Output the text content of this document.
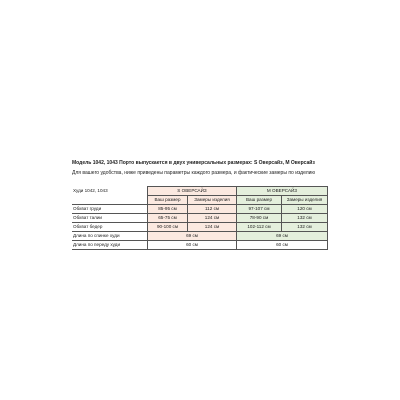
Модель 1042, 1043 Порто выпускается в двух универсальных размерах: S Оверсайз, М Оверсайз
Для вашего удобства, ниже приведены параметры каждого размера, и фактические замеры по изделию
Худи 1042, 1043	S ОВЕРСАЙЗ		М ОВЕРСАЙЗ	
	Ваш размер	Замеры изделия	Ваш размер	Замеры изделия
Обхват груди	85-95 см	112 см	97-107 см	120 см
Обхват талии	65-75 см	124 см	78-90 см	132 см
Обхват бедер	90-100 см	124 см	102-112 см	132 см
Длина по спинке худи	69 см		69 см	
Длина по переду худи	60 см		60 см	
